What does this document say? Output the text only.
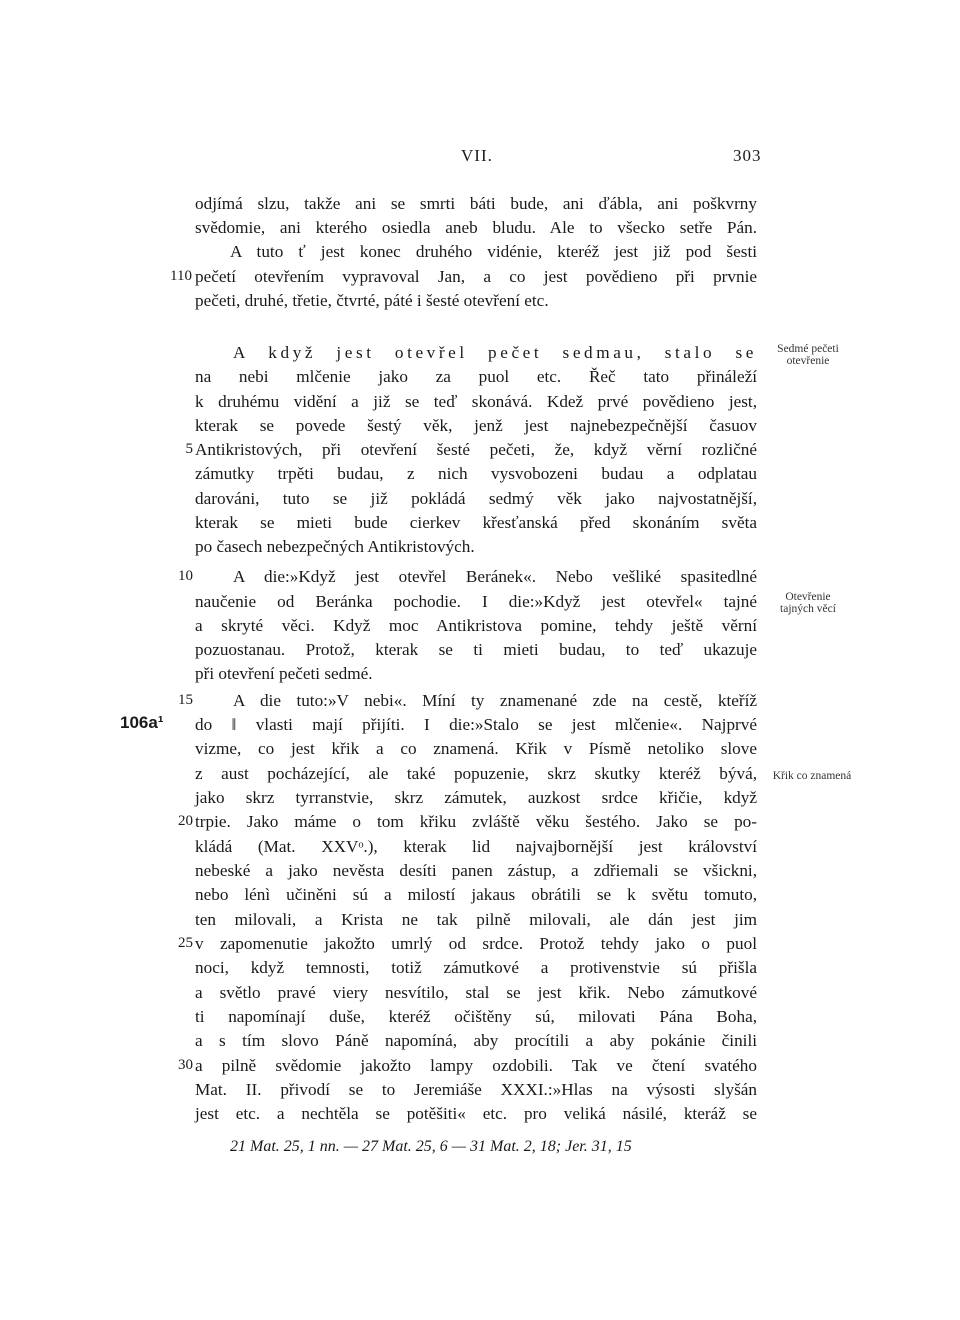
VII.	303
odjímá slzu, takže ani se smrti báti bude, ani ďábla, ani poškvrny
svědomie, ani kterého osiedla aneb bludu. Ale to všecko setře Pán.
A tuto ť jest konec druhého vidénie, kteréž jest již pod šesti
pečetí otevřením vypravoval Jan, a co jest povědieno při prvnie
pečeti, druhé, třetie, čtvrté, páté i šesté otevření etc.
A když jest otevřel pečet sedmau, stalo se
na nebi mlčenie jako za puol etc. Řeč tato přináleží
k druhému vidění a již se teď skonává. Kdež prvé povědieno jest,
kterak se povede šestý věk, jenž jest najnebezpečnější časuov
Antikristových, při otevření šesté pečeti, že, když věrní rozličné
zámutky trpěti budau, z nich vysvobozeni budau a odplatau
darováni, tuto se již pokládá sedmý věk jako najvostatnější,
kterak se mieti bude cierkev křesťanská před skonáním světa
po časech nebezpečných Antikristových.
A die:»Když jest otevřel Beránek«. Nebo vešliké spasitedlné
naučenie od Beránka pochodie. I die:»Když jest otevřel« tajné
a skryté věci. Když moc Antikristova pomine, tehdy ještě věrní
pozuostanau. Protož, kterak se ti mieti budau, to teď ukazuje
při otevření pečeti sedmé.
A die tuto:»V nebi«. Míní ty znamenané zde na cestě, kteříž
do ‖ vlasti mají přijíti. I die:»Stalo se jest mlčenie«. Najprvé
vizme, co jest křik a co znamená. Křik v Písmě netoliko slove
z aust pocházející, ale také popuzenie, skrz skutky kteréž bývá,
jako skrz tyrranstvie, skrz zámutek, auzkost srdce křičie, když
trpie. Jako máme o tom křiku zvláště věku šestého. Jako se po-
kládá (Mat. XXVᵒ.), kterak lid najvajbornější jest království
nebeské a jako nevěsta desíti panen zástup, a zdřiemali se všickni,
nebo lénì učiněni sú a milostí jakaus obrátili se k světu tomuto,
ten milovali, a Krista ne tak pilně milovali, ale dán jest jim
v zapomenutie jakožto umrlý od srdce. Protož tehdy jako o puol
noci, když temnosti, totiž zámutkové a protivenstvie sú přišla
a světlo pravé viery nesvítilo, stal se jest křik. Nebo zámutkové
ti napomínají duše, kteréž očištěny sú, milovati Pána Boha,
a s tím slovo Páně napomíná, aby procítili a aby pokánie činili
a pilně svědomie jakožto lampy ozdobili. Tak ve čtení svatého
Mat. II. přivodí se to Jeremiáše XXXI.:»Hlas na výsosti slyšán
jest etc. a nechtěla se potěšiti« etc. pro veliká násilé, kteráž se
110
5
10
15
20
25
30
106a¹
Sedmé pečeti otevřenie
Otevřenie tajných věcí
Křik co znamená
21 Mat. 25, 1 nn. — 27 Mat. 25, 6 — 31 Mat. 2, 18; Jer. 31, 15
